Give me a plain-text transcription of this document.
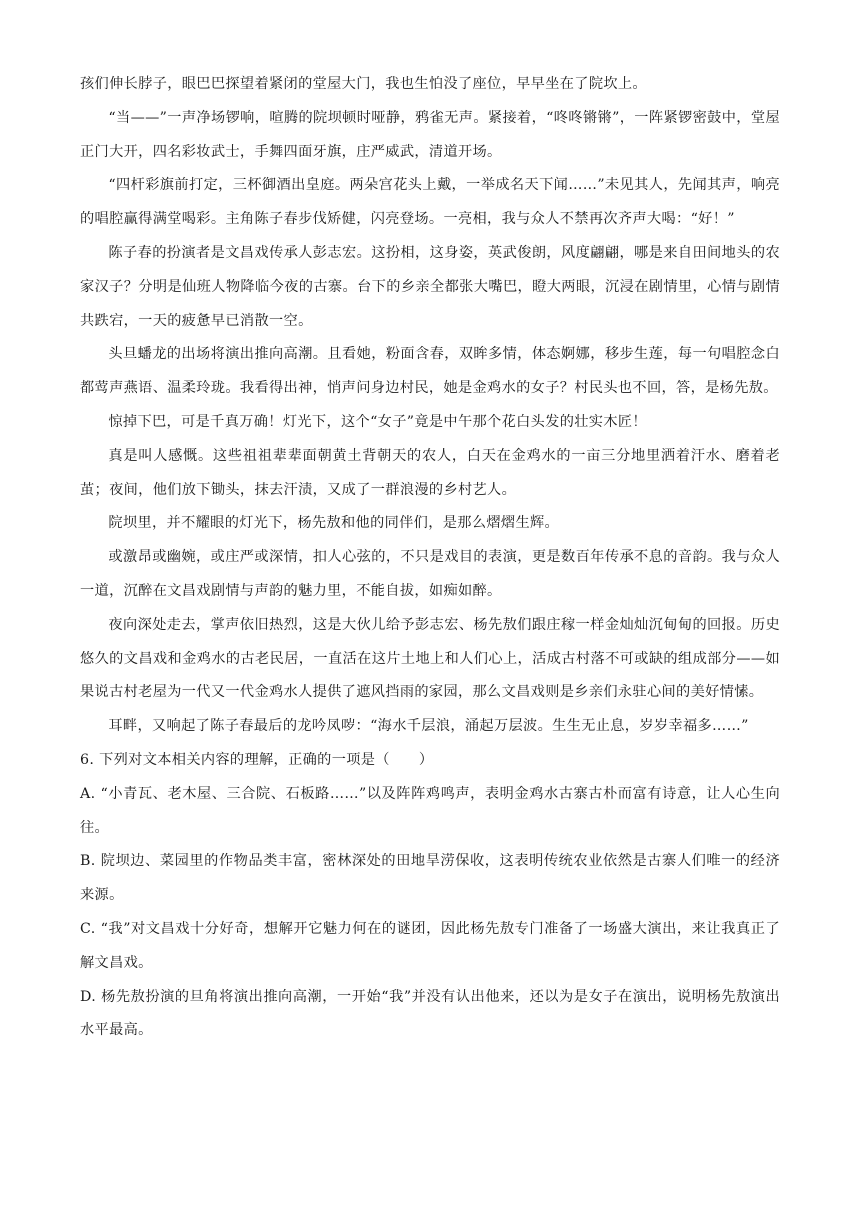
孩们伸长脖子，眼巴巴探望着紧闭的堂屋大门，我也生怕没了座位，早早坐在了院坎上。

“当——”一声净场锣响，喧腾的院坝顿时哑静，鸦雀无声。紧接着，“咚咚锵锵”，一阵紧锣密鼓中，堂屋正门大开，四名彩妆武士，手舞四面牙旗，庄严威武，清道开场。

“四杆彩旗前打定，三杯御酒出皇庭。两朵宫花头上戴，一举成名天下闻……”未见其人，先闻其声，响亮的唱腔赢得满堂喝彩。主角陈子春步伐矫健，闪亮登场。一亮相，我与众人不禁再次齐声大喝：“好！”

陈子春的扮演者是文昌戏传承人彭志宏。这扮相，这身姿，英武俊朗，风度翩翩，哪是来自田间地头的农家汉子？分明是仙班人物降临今夜的古寨。台下的乡亲全都张大嘴巴，瞪大两眼，沉浸在剧情里，心情与剧情共跌宕，一天的疲惫早已消散一空。

头旦蟠龙的出场将演出推向高潮。且看她，粉面含春，双眸多情，体态婀娜，移步生莲，每一句唱腔念白都莺声燕语、温柔玲珑。我看得出神，悄声问身边村民，她是金鸡水的女子？村民头也不回，答，是杨先敖。

惊掉下巴，可是千真万确！灯光下，这个“女子”竟是中午那个花白头发的壮实木匠！

真是叫人感慨。这些祖祖辈辈面朝黄土背朝天的农人，白天在金鸡水的一亩三分地里洒着汗水、磨着老茧；夜间，他们放下锄头，抹去汗渍，又成了一群浪漫的乡村艺人。

院坝里，并不耀眼的灯光下，杨先敖和他的同伴们，是那么熠熠生辉。

或激昂或幽婉，或庄严或深情，扣人心弦的，不只是戏目的表演，更是数百年传承不息的音韵。我与众人一道，沉醉在文昌戏剧情与声韵的魅力里，不能自拔，如痴如醉。

夜向深处走去，掌声依旧热烈，这是大伙儿给予彭志宏、杨先敖们跟庄稼一样金灿灿沉甸甸的回报。历史悠久的文昌戏和金鸡水的古老民居，一直活在这片土地上和人们心上，活成古村落不可或缺的组成部分——如果说古村老屋为一代又一代金鸡水人提供了遮风挡雨的家园，那么文昌戏则是乡亲们永驻心间的美好情愫。

耳畔，又响起了陈子春最后的龙吟凤哕：“海水千层浪，涌起万层波。生生无止息，岁岁幸福多……”

6. 下列对文本相关内容的理解，正确的一项是（　　）

A. “小青瓦、老木屋、三合院、石板路……”以及阵阵鸡鸣声，表明金鸡水古寨古朴而富有诗意，让人心生向往。

B. 院坝边、菜园里的作物品类丰富，密林深处的田地旱涝保收，这表明传统农业依然是古寨人们唯一的经济来源。

C. “我”对文昌戏十分好奇，想解开它魅力何在的谜团，因此杨先敖专门准备了一场盛大演出，来让我真正了解文昌戏。

D. 杨先敖扮演的旦角将演出推向高潮，一开始“我”并没有认出他来，还以为是女子在演出，说明杨先敖演出水平最高。
